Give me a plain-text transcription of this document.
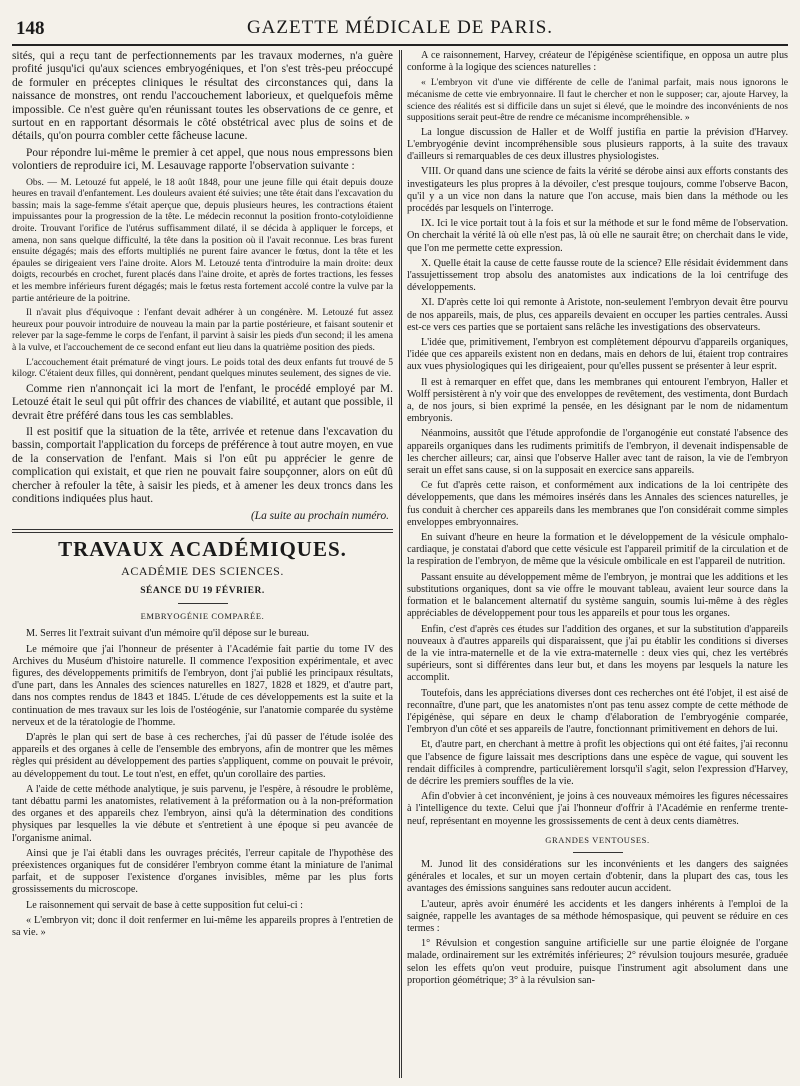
148	GAZETTE MÉDICALE DE PARIS.

sités, qui a reçu tant de perfectionnements par les travaux modernes, n'a guère profité jusqu'ici qu'aux sciences embryogéniques, et l'on s'est très-peu préoccupé de formuler en préceptes cliniques le résultat des circonstances qui, dans la naissance de monstres, ont rendu l'accouchement laborieux, et quelquefois même impossible. Ce n'est guère qu'en réunissant toutes les observations de ce genre, et surtout en en rapportant désormais le côté obstétrical avec plus de soins et de détails, qu'on pourra combler cette fâcheuse lacune.

Pour répondre lui-même le premier à cet appel, que nous nous empressons bien volontiers de reproduire ici, M. Lesauvage rapporte l'observation suivante :

Obs. — M. Letouzé fut appelé, le 18 août 1848, pour une jeune fille qui était depuis douze heures en travail d'enfantement. Les douleurs avaient été suivies; une tête était dans l'excavation du bassin; mais la sage-femme s'était aperçue que, depuis plusieurs heures, les contractions étaient impuissantes pour la progression de la tête. Le médecin reconnut la position fronto-cotyloïdienne droite. Trouvant l'orifice de l'utérus suffisamment dilaté, il se décida à appliquer le forceps, et amena, non sans quelque difficulté, la tête dans la position où il l'avait reconnue. Les bras furent ensuite dégagés; mais des efforts multipliés ne purent faire avancer le fœtus, dont la tête et les épaules se dirigeaient vers l'aine droite. Alors M. Letouzé tenta d'introduire la main droite: deux doigts, recourbés en crochet, furent placés dans l'aine droite, et après de fortes tractions, les fesses et les membre inférieurs furent dégagés; mais le fœtus resta fortement accolé contre la vulve par la partie antérieure de la poitrine.

Il n'avait plus d'équivoque : l'enfant devait adhérer à un congénère. M. Letouzé fut assez heureux pour pouvoir introduire de nouveau la main par la partie postérieure, et faisant soutenir et relever par la sage-femme le corps de l'enfant, il parvint à saisir les pieds d'un second; il les amena à la vulve, et l'accouchement de ce second enfant eut lieu dans la quatrième position des pieds.

L'accouchement était prématuré de vingt jours. Le poids total des deux enfants fut trouvé de 5 kilogr. C'étaient deux filles, qui donnèrent, pendant quelques minutes seulement, des signes de vie.

Comme rien n'annonçait ici la mort de l'enfant, le procédé employé par M. Letouzé était le seul qui pût offrir des chances de viabilité, et autant que possible, il devrait être préféré dans tous les cas semblables.

Il est positif que la situation de la tête, arrivée et retenue dans l'excavation du bassin, comportait l'application du forceps de préférence à tout autre moyen, en vue de la conservation de l'enfant. Mais si l'on eût pu apprécier le genre de complication qui existait, et que rien ne pouvait faire soupçonner, alors on eût dû chercher à refouler la tête, à saisir les pieds, et à amener les deux troncs dans les conditions indiquées plus haut.

(La suite au prochain numéro.
TRAVAUX ACADÉMIQUES.
ACADÉMIE DES SCIENCES.
SÉANCE DU 19 FÉVRIER.
EMBRYOGÉNIE COMPARÉE.

M. Serres lit l'extrait suivant d'un mémoire qu'il dépose sur le bureau.

Le mémoire que j'ai l'honneur de présenter à l'Académie fait partie du tome IV des Archives du Muséum d'histoire naturelle. Il commence l'exposition expérimentale, et avec figures, des développements primitifs de l'embryon, dont j'ai publié les principaux résultats, d'une part, dans les Annales des sciences naturelles en 1827, 1828 et 1829, et d'autre part, dans nos comptes rendus de 1843 et 1845. L'étude de ces développements est la suite et la continuation de mes travaux sur les lois de l'ostéogénie, sur l'anatomie comparée du système nerveux et de la tératologie de l'homme.

D'après le plan qui sert de base à ces recherches, j'ai dû passer de l'étude isolée des appareils et des organes à celle de l'ensemble des embryons, afin de montrer que les mêmes règles qui président au développement des parties s'appliquent, comme on pouvait le prévoir, au développement du tout. Le tout n'est, en effet, qu'un corollaire des parties.

A l'aide de cette méthode analytique, je suis parvenu, je l'espère, à résoudre le problème, tant débattu parmi les anatomistes, relativement à la préformation ou à la non-préformation des organes et des appareils chez l'embryon, ainsi qu'à la détermination des conditions physiques par lesquelles la vie débute et s'entretient à une époque si peu avancée de l'organisme animal.

Ainsi que je l'ai établi dans les ouvrages précités, l'erreur capitale de l'hypothèse des préexistences organiques fut de considérer l'embryon comme étant la miniature de l'animal parfait, et de supposer l'existence d'organes invisibles, même par les plus forts grossissements du microscope.

Le raisonnement qui servait de base à cette supposition fut celui-ci :

« L'embryon vit; donc il doit renfermer en lui-même les appareils propres à l'entretien de sa vie. »

A ce raisonnement, Harvey, créateur de l'épigénèse scientifique, en opposa un autre plus conforme à la logique des sciences naturelles :

« L'embryon vit d'une vie différente de celle de l'animal parfait, mais nous ignorons le mécanisme de cette vie embryonnaire. Il faut le chercher et non le supposer; car, ajoute Harvey, la science des réalités est si difficile dans un sujet si élevé, que le moindre des inconvénients de nos suppositions serait peut-être de rendre ce mécanisme incompréhensible. »

La longue discussion de Haller et de Wolff justifia en partie la prévision d'Harvey. L'embryogénie devint incompréhensible sous plusieurs rapports, à la suite des travaux d'ailleurs si remarquables de ces deux illustres physiologistes.

VIII. Or quand dans une science de faits la vérité se dérobe ainsi aux efforts constants des investigateurs les plus propres à la dévoiler, c'est presque toujours, comme l'observe Bacon, qu'il y a un vice non dans la nature que l'on accuse, mais bien dans la méthode ou les procédés par lesquels on l'interroge.

IX. Ici le vice portait tout à la fois et sur la méthode et sur le fond même de l'observation. On cherchait la vérité là où elle n'est pas, là où elle ne saurait être; on cherchait dans le vide, que l'on me permette cette expression.

X. Quelle était la cause de cette fausse route de la science? Elle résidait évidemment dans l'assujettissement trop absolu des anatomistes aux indications de la loi centrifuge des développements.

XI. D'après cette loi qui remonte à Aristote, non-seulement l'embryon devait être pourvu de nos appareils, mais, de plus, ces appareils devaient en occuper les parties centrales. Aussi est-ce vers ces parties que se portaient sans relâche les investigations des observateurs.

L'idée que, primitivement, l'embryon est complètement dépourvu d'appareils organiques, l'idée que ces appareils existent non en dedans, mais en dehors de lui, étaient trop contraires aux vues physiologiques qui les dirigeaient, pour qu'elles pussent se présenter à leur esprit.

Il est à remarquer en effet que, dans les membranes qui entourent l'embryon, Haller et Wolff persistèrent à n'y voir que des enveloppes de revêtement, des vestimenta, dont Burdach a, de nos jours, si bien exprimé la pensée, en les désignant par le nom de nidamentum embryonis.

Néanmoins, aussitôt que l'étude approfondie de l'organogénie eut constaté l'absence des appareils organiques dans les rudiments primitifs de l'embryon, il devenait indispensable de les chercher ailleurs; car, ainsi que l'observe Haller avec tant de raison, la vie de l'embryon serait un effet sans cause, si on la supposait en exercice sans appareils.

Ce fut d'après cette raison, et conformément aux indications de la loi centripète des développements, que dans les mémoires insérés dans les Annales des sciences naturelles, je fus conduit à chercher ces appareils dans les membranes que l'on considérait comme simples enveloppes embryonnaires.

En suivant d'heure en heure la formation et le développement de la vésicule omphalo-cardiaque, je constatai d'abord que cette vésicule est l'appareil primitif de la circulation et de la respiration de l'embryon, de même que la vésicule ombilicale en est l'appareil de nutrition.

Passant ensuite au développement même de l'embryon, je montrai que les additions et les substitutions organiques, dont sa vie offre le mouvant tableau, avaient leur source dans la formation et le balancement alternatif du système sanguin, soumis lui-même à des règles appréciables de développement pour tous les appareils et pour tous les organes.

Enfin, c'est d'après ces études sur l'addition des organes, et sur la substitution d'appareils nouveaux à d'autres appareils qui disparaissent, que j'ai pu établir les conditions si diverses de la vie intra-maternelle et de la vie extra-maternelle : deux vies qui, chez les vertébrés supérieurs, sont si différentes dans leur but, et dans les moyens par lesquels la nature les accomplit.

Toutefois, dans les appréciations diverses dont ces recherches ont été l'objet, il est aisé de reconnaître, d'une part, que les anatomistes n'ont pas tenu assez compte de cette méthode de l'épigénèse, qui sépare en deux le champ d'élaboration de l'embryogénie comparée, l'embryon d'un côté et ses appareils de l'autre, fonctionnant primitivement en dehors de lui.

Et, d'autre part, en cherchant à mettre à profit les objections qui ont été faites, j'ai reconnu que l'absence de figure laissait mes descriptions dans une espèce de vague, qui souvent les rendait difficiles à comprendre, particulièrement lorsqu'il s'agit, selon l'expression d'Harvey, de décrire les premiers souffles de la vie.

Afin d'obvier à cet inconvénient, je joins à ces nouveaux mémoires les figures nécessaires à l'intelligence du texte. Celui que j'ai l'honneur d'offrir à l'Académie en renferme trente-neuf, représentant en moyenne les grossissements de cent à deux cents diamètres.

GRANDES VENTOUSES.

M. Junod lit des considérations sur les inconvénients et les dangers des saignées générales et locales, et sur un moyen certain d'obtenir, dans la plupart des cas, tous les avantages des émissions sanguines sans redouter aucun accident.

L'auteur, après avoir énuméré les accidents et les dangers inhérents à l'emploi de la saignée, rappelle les avantages de sa méthode hémospasique, qui peuvent se réduire en ces termes :

1° Révulsion et congestion sanguine artificielle sur une partie éloignée de l'organe malade, ordinairement sur les extrémités inférieures; 2° révulsion toujours mesurée, graduée selon les effets qu'on veut produire, puisque l'instrument agit absolument dans une proportion géométrique; 3° à la révulsion san-
